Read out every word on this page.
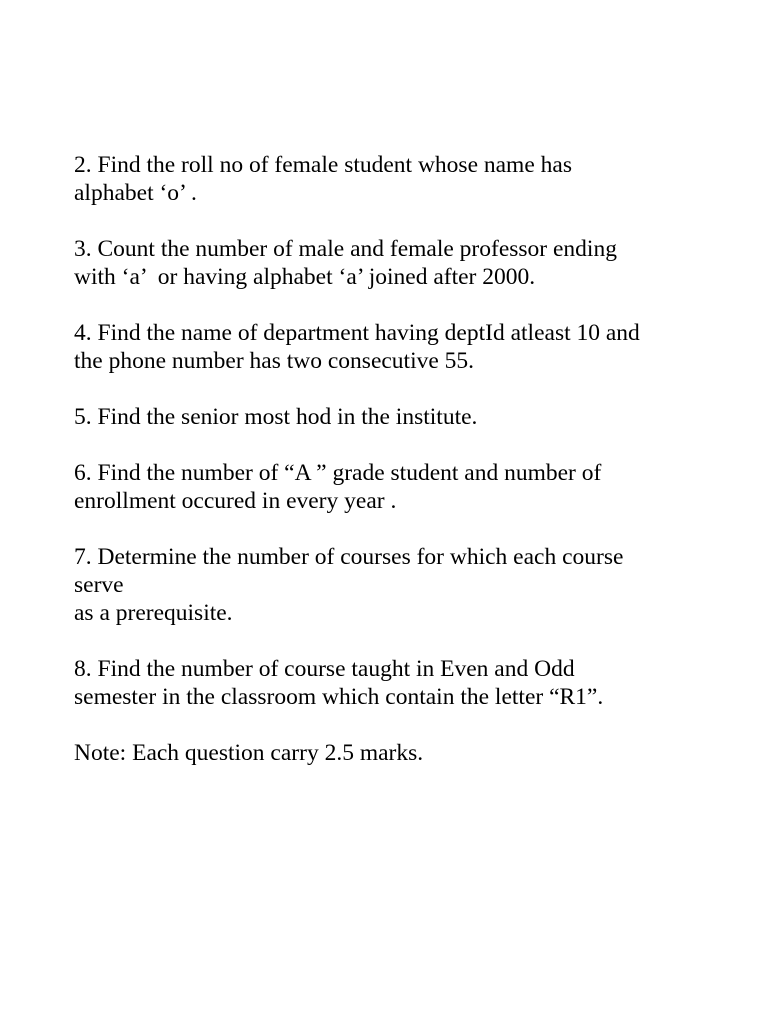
2. Find the roll no of female student whose name has
alphabet ‘o’ .

3. Count the number of male and female professor ending
with ‘a’  or having alphabet ‘a’ joined after 2000.

4. Find the name of department having deptId atleast 10 and
the phone number has two consecutive 55.

5. Find the senior most hod in the institute.

6. Find the number of “A ” grade student and number of
enrollment occured in every year .

7. Determine the number of courses for which each course
serve
as a prerequisite.

8. Find the number of course taught in Even and Odd
semester in the classroom which contain the letter “R1”.

Note: Each question carry 2.5 marks.
